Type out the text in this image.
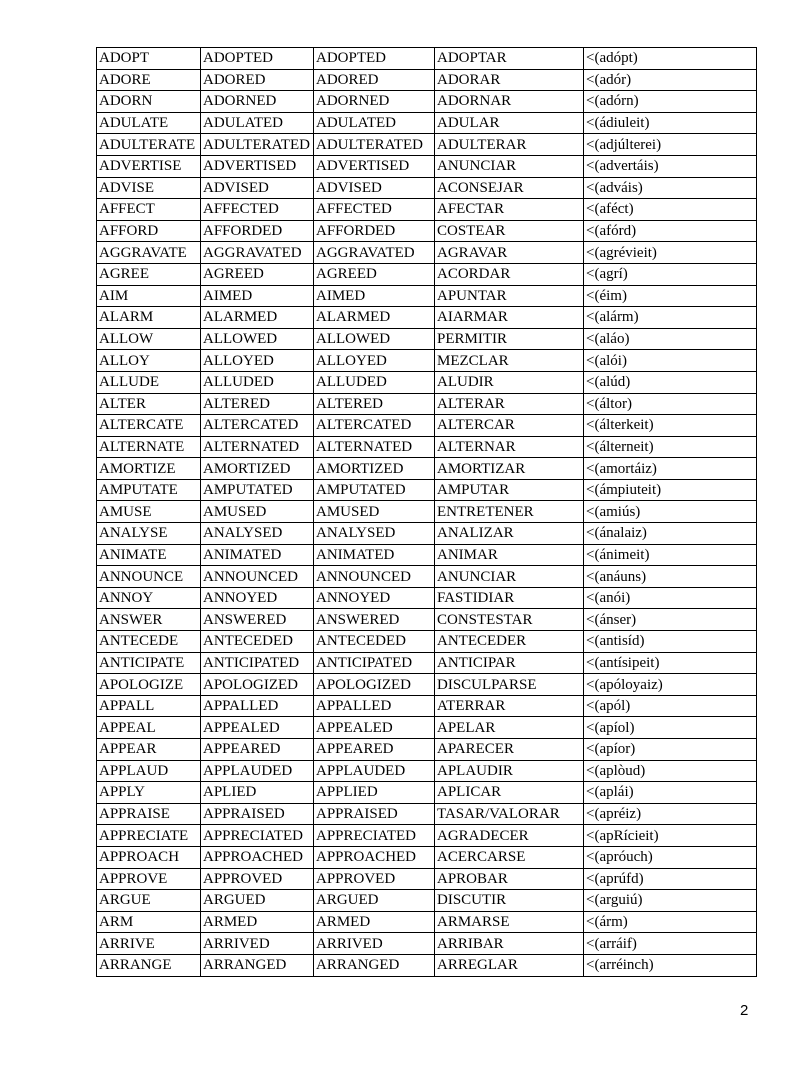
ADOPT	ADOPTED	ADOPTED	ADOPTAR	<(adópt)
ADORE	ADORED	ADORED	ADORAR	<(adór)
ADORN	ADORNED	ADORNED	ADORNAR	<(adórn)
ADULATE	ADULATED	ADULATED	ADULAR	<(ádiuleit)
ADULTERATE	ADULTERATED	ADULTERATED	ADULTERAR	<(adjúlterei)
ADVERTISE	ADVERTISED	ADVERTISED	ANUNCIAR	<(advertáis)
ADVISE	ADVISED	ADVISED	ACONSEJAR	<(adváis)
AFFECT	AFFECTED	AFFECTED	AFECTAR	<(aféct)
AFFORD	AFFORDED	AFFORDED	COSTEAR	<(afórd)
AGGRAVATE	AGGRAVATED	AGGRAVATED	AGRAVAR	<(agrévieit)
AGREE	AGREED	AGREED	ACORDAR	<(agrí)
AIM	AIMED	AIMED	APUNTAR	<(éim)
ALARM	ALARMED	ALARMED	AIARMAR	<(alárm)
ALLOW	ALLOWED	ALLOWED	PERMITIR	<(aláo)
ALLOY	ALLOYED	ALLOYED	MEZCLAR	<(alói)
ALLUDE	ALLUDED	ALLUDED	ALUDIR	<(alúd)
ALTER	ALTERED	ALTERED	ALTERAR	<(áltor)
ALTERCATE	ALTERCATED	ALTERCATED	ALTERCAR	<(álterkeit)
ALTERNATE	ALTERNATED	ALTERNATED	ALTERNAR	<(álterneit)
AMORTIZE	AMORTIZED	AMORTIZED	AMORTIZAR	<(amortáiz)
AMPUTATE	AMPUTATED	AMPUTATED	AMPUTAR	<(ámpiuteit)
AMUSE	AMUSED	AMUSED	ENTRETENER	<(amiús)
ANALYSE	ANALYSED	ANALYSED	ANALIZAR	<(ánalaiz)
ANIMATE	ANIMATED	ANIMATED	ANIMAR	<(ánimeit)
ANNOUNCE	ANNOUNCED	ANNOUNCED	ANUNCIAR	<(anáuns)
ANNOY	ANNOYED	ANNOYED	FASTIDIAR	<(anói)
ANSWER	ANSWERED	ANSWERED	CONSTESTAR	<(ánser)
ANTECEDE	ANTECEDED	ANTECEDED	ANTECEDER	<(antisíd)
ANTICIPATE	ANTICIPATED	ANTICIPATED	ANTICIPAR	<(antísipeit)
APOLOGIZE	APOLOGIZED	APOLOGIZED	DISCULPARSE	<(apóloyaiz)
APPALL	APPALLED	APPALLED	ATERRAR	<(apól)
APPEAL	APPEALED	APPEALED	APELAR	<(apíol)
APPEAR	APPEARED	APPEARED	APARECER	<(apíor)
APPLAUD	APPLAUDED	APPLAUDED	APLAUDIR	<(aplòud)
APPLY	APLIED	APPLIED	APLICAR	<(aplái)
APPRAISE	APPRAISED	APPRAISED	TASAR/VALORAR	<(apréiz)
APPRECIATE	APPRECIATED	APPRECIATED	AGRADECER	<(apRícieit)
APPROACH	APPROACHED	APPROACHED	ACERCARSE	<(apróuch)
APPROVE	APPROVED	APPROVED	APROBAR	<(aprúfd)
ARGUE	ARGUED	ARGUED	DISCUTIR	<(arguiú)
ARM	ARMED	ARMED	ARMARSE	<(árm)
ARRIVE	ARRIVED	ARRIVED	ARRIBAR	<(arráif)
ARRANGE	ARRANGED	ARRANGED	ARREGLAR	<(arréinch)
2
